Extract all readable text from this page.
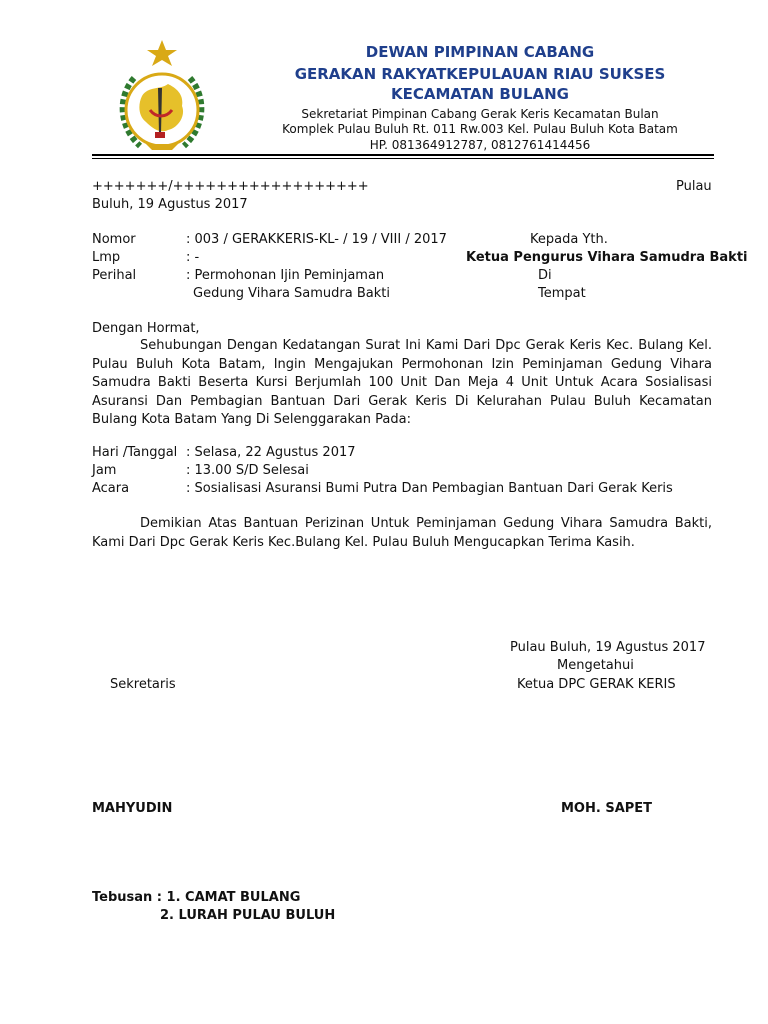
DEWAN PIMPINAN CABANG
GERAKAN RAKYATKEPULAUAN RIAU SUKSES
KECAMATAN BULANG
Sekretariat Pimpinan Cabang Gerak Keris Kecamatan Bulan
Komplek Pulau Buluh Rt. 011 Rw.003 Kel. Pulau Buluh Kota Batam
HP. 081364912787, 0812761414456
+++++++/++++++++++++++++++	Pulau
Buluh, 19 Agustus 2017
Nomor	: 003 / GERAKKERIS-KL- / 19 / VIII / 2017
Lmp	: -
Perihal	: Permohonan Ijin Peminjaman
Gedung Vihara Samudra Bakti
Kepada Yth.
Ketua Pengurus Vihara Samudra Bakti
Di
Tempat
Dengan Hormat,
Sehubungan Dengan Kedatangan Surat Ini Kami Dari Dpc Gerak Keris Kec. Bulang Kel. Pulau Buluh Kota Batam, Ingin Mengajukan Permohonan Izin Peminjaman Gedung Vihara Samudra Bakti Beserta Kursi Berjumlah 100 Unit Dan Meja 4 Unit Untuk Acara Sosialisasi Asuransi Dan Pembagian Bantuan Dari Gerak Keris Di Kelurahan Pulau Buluh Kecamatan Bulang Kota Batam Yang Di Selenggarakan Pada:
Hari /Tanggal : Selasa, 22 Agustus 2017
Jam	: 13.00 S/D Selesai
Acara	: Sosialisasi Asuransi Bumi Putra Dan Pembagian Bantuan Dari Gerak Keris
Demikian Atas Bantuan Perizinan Untuk Peminjaman Gedung Vihara Samudra Bakti, Kami Dari Dpc Gerak Keris Kec.Bulang Kel. Pulau Buluh Mengucapkan Terima Kasih.
Pulau Buluh, 19 Agustus 2017
Mengetahui
Sekretaris	Ketua DPC GERAK KERIS
MAHYUDIN	MOH. SAPET
Tebusan : 1. CAMAT BULANG
2. LURAH PULAU BULUH
